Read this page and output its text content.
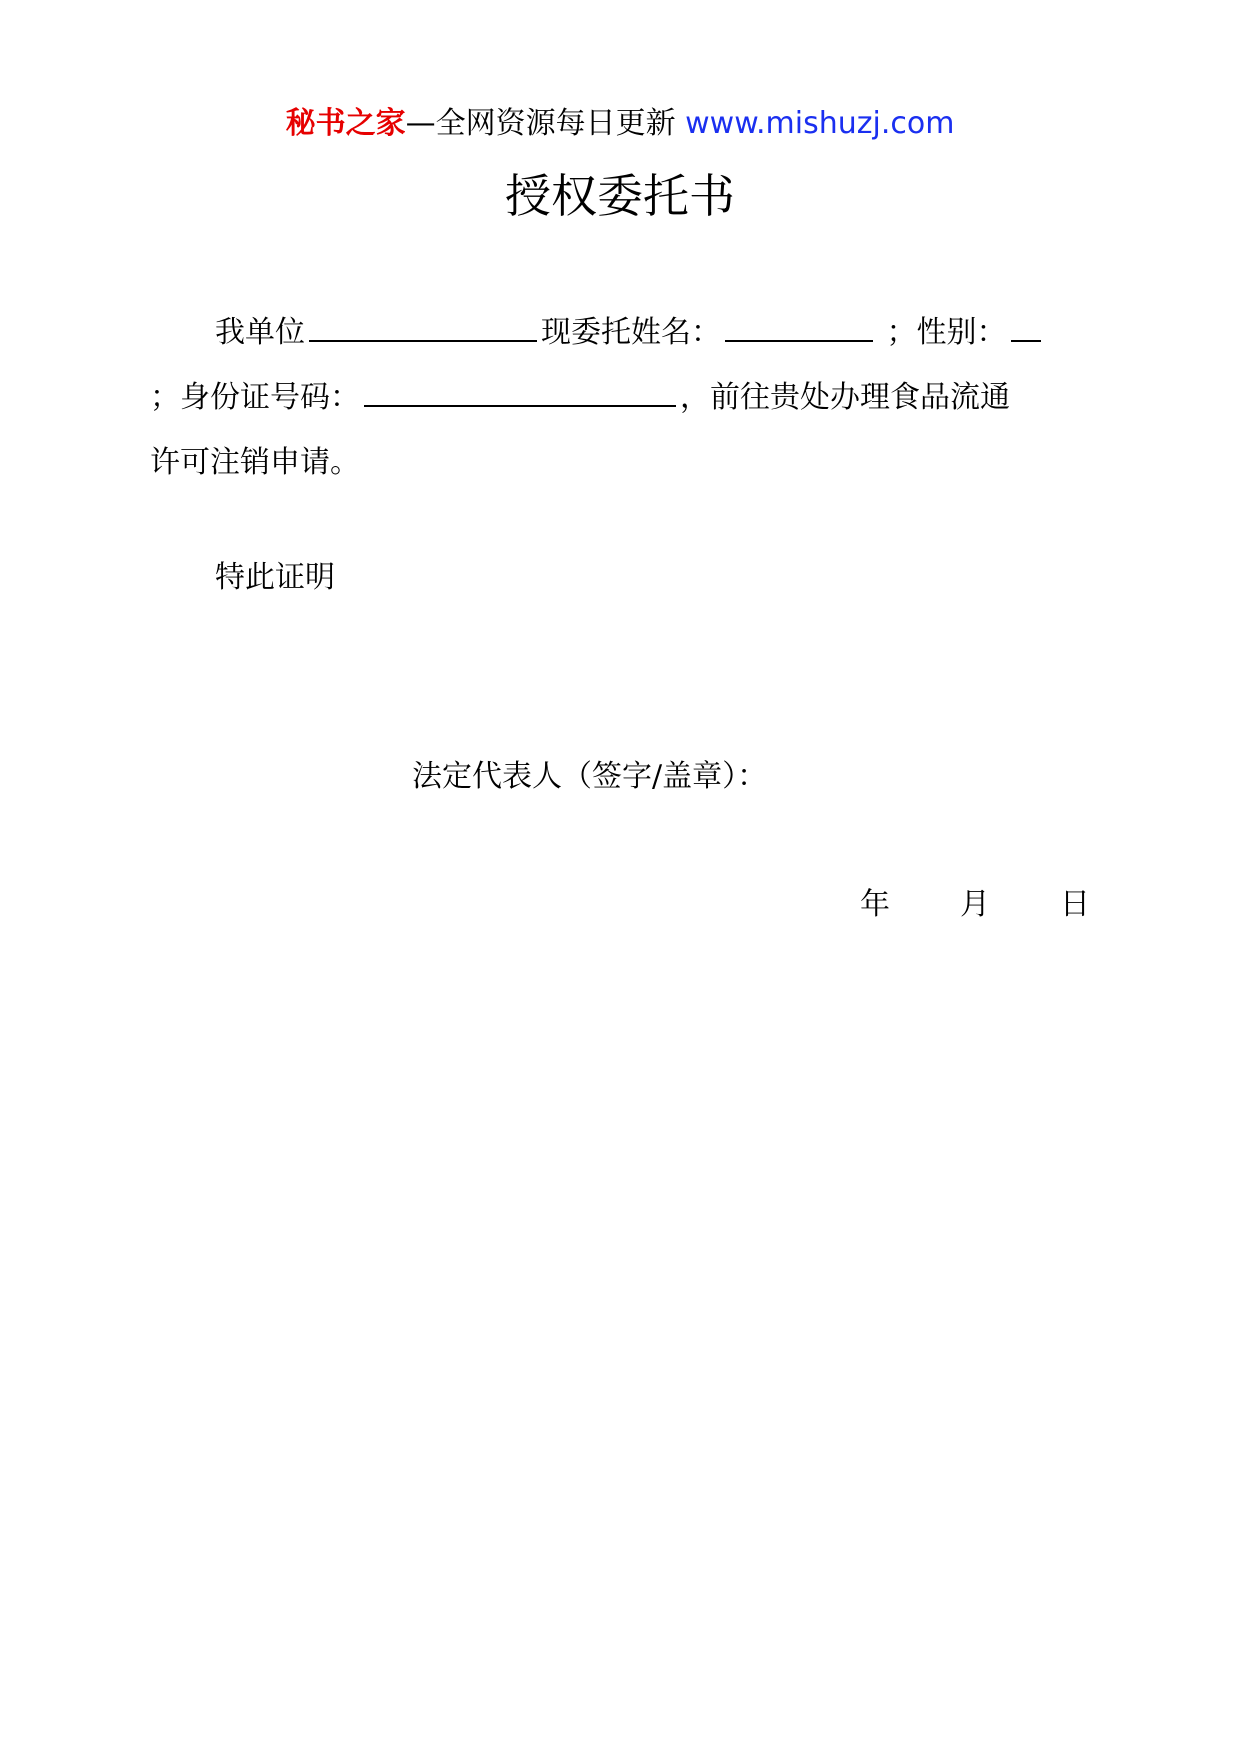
秘书之家—全网资源每日更新 www.mishuzj.com
授权委托书
我单位	现委托姓名：	；性别：
；身份证号码：	，前往贵处办理食品流通
许可注销申请。
特此证明
法定代表人（签字/盖章）：
年 月 日
